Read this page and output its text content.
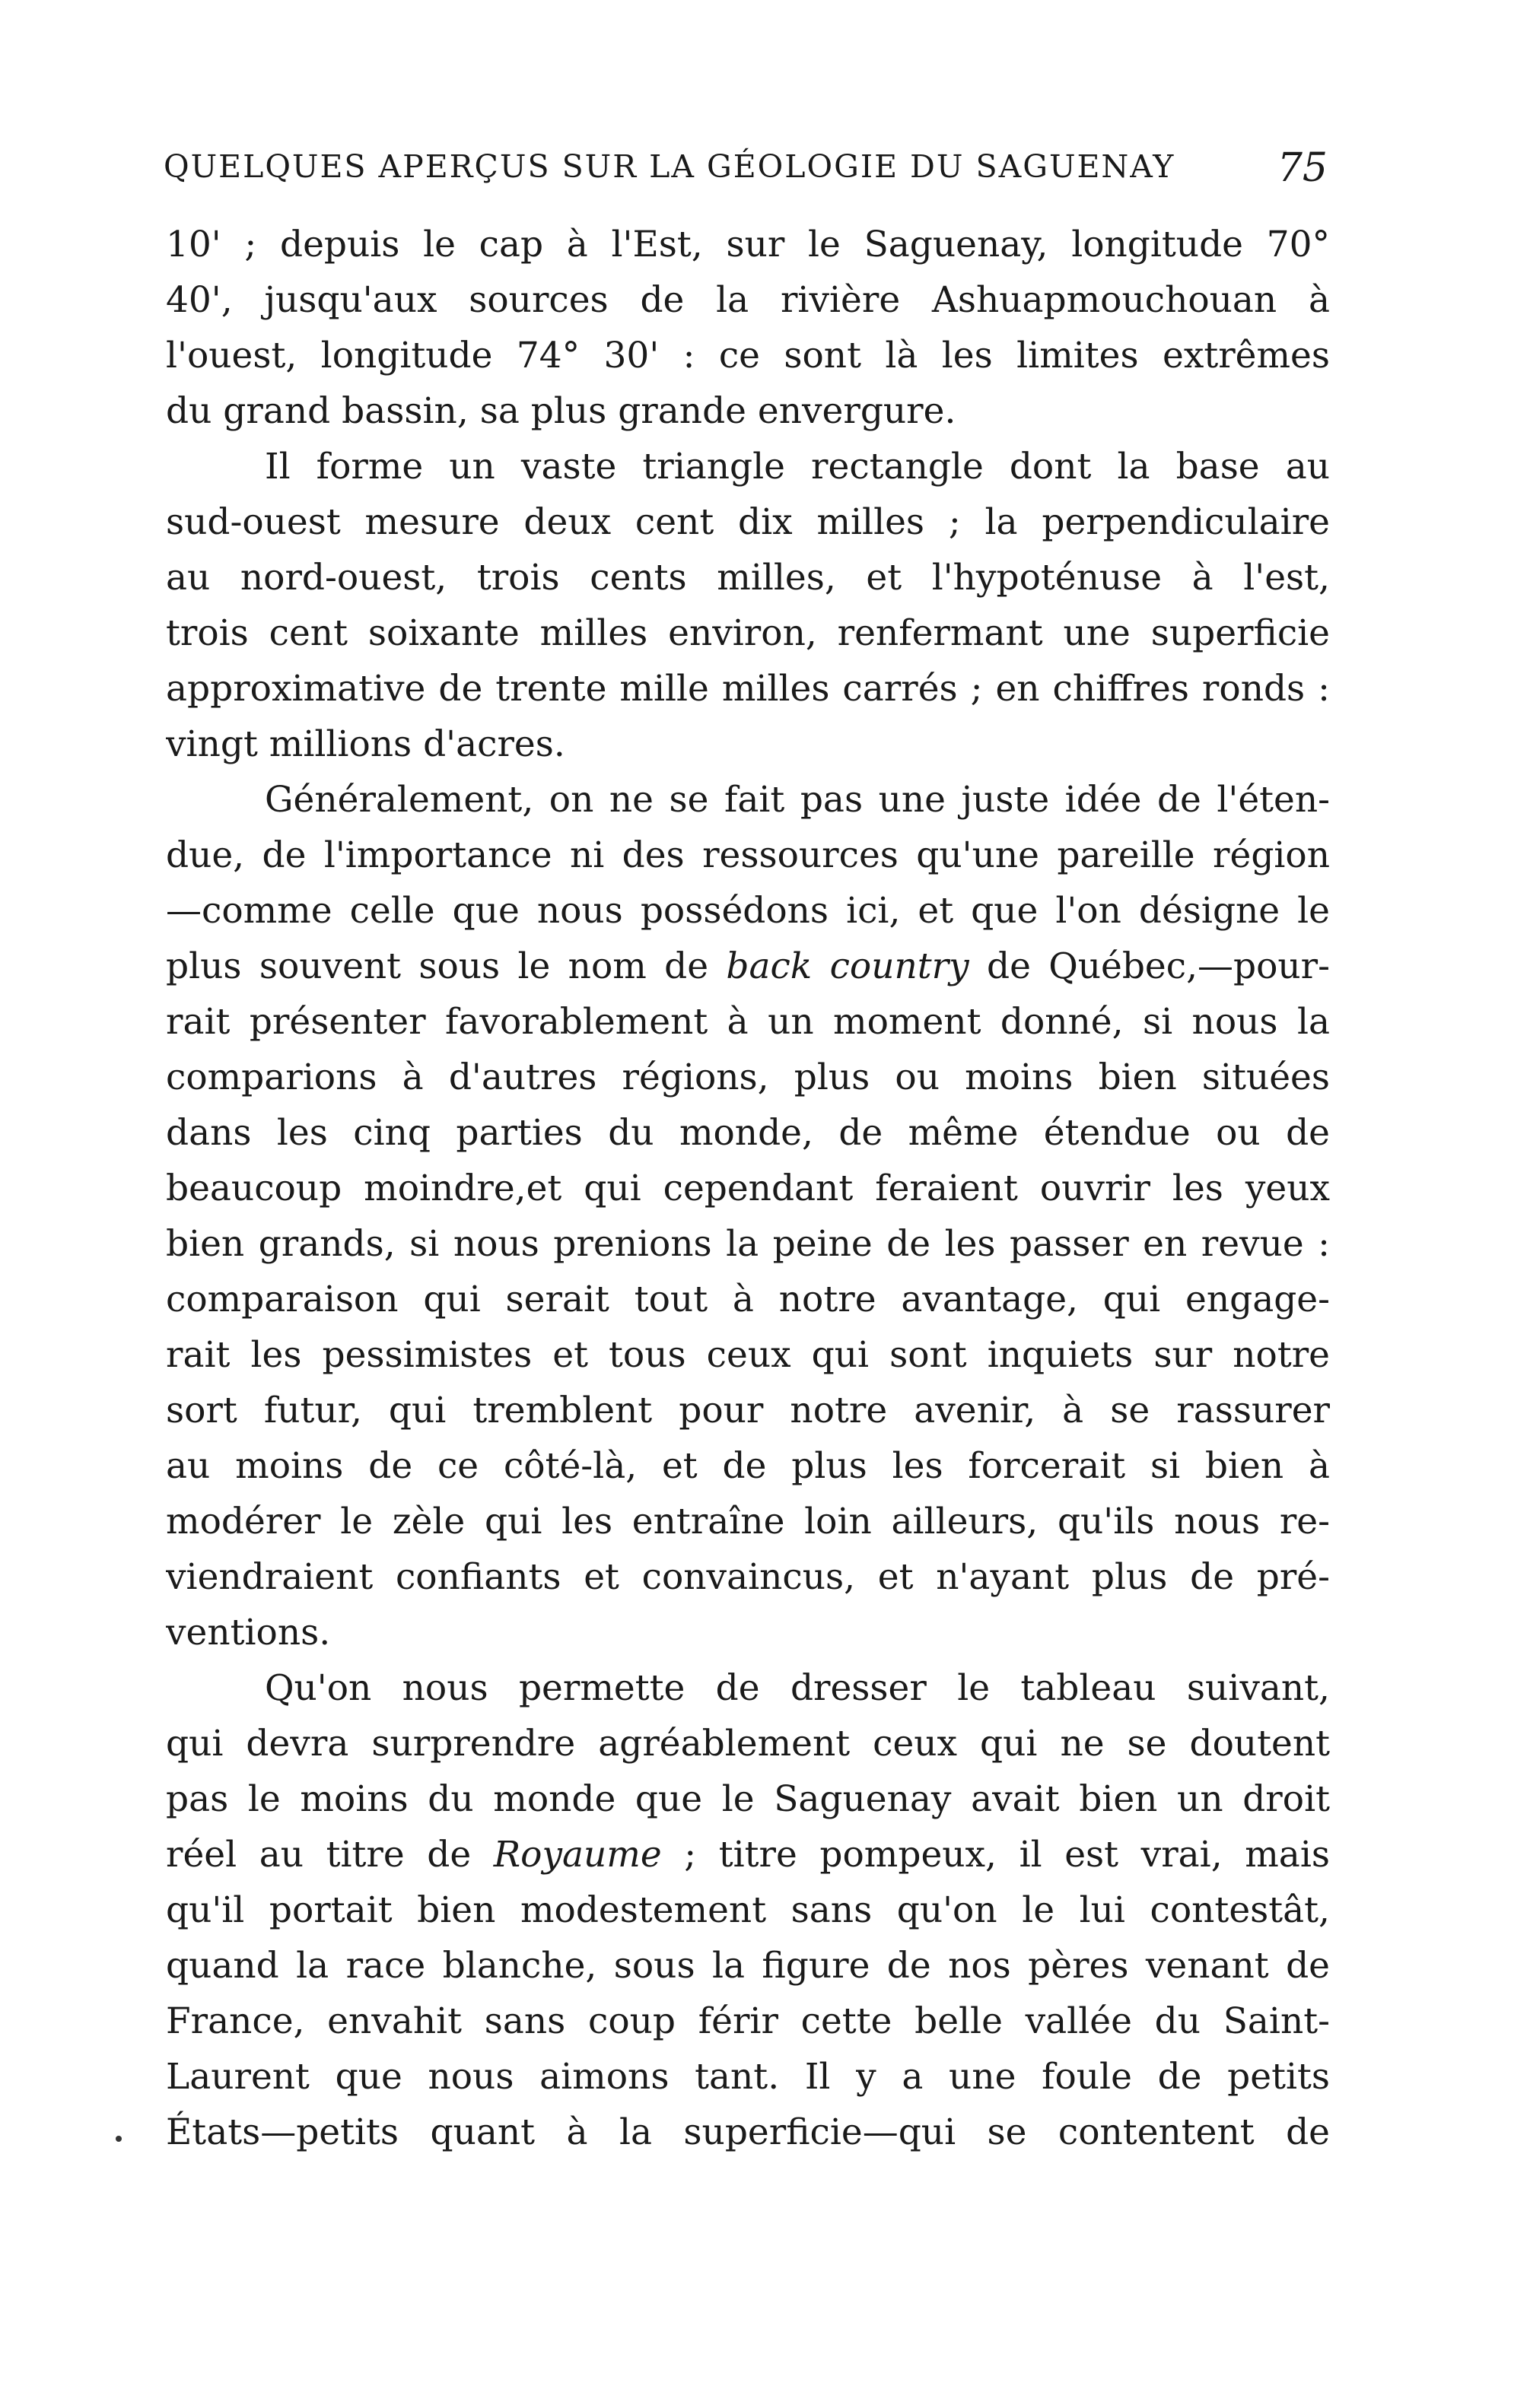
QUELQUES APERÇUS SUR LA GÉOLOGIE DU SAGUENAY	75
10' ; depuis le cap à l'Est, sur le Saguenay, longitude 70°
40', jusqu'aux sources de la rivière Ashuapmouchouan à
l'ouest, longitude 74° 30' : ce sont là les limites extrêmes
du grand bassin, sa plus grande envergure.
Il forme un vaste triangle rectangle dont la base au
sud-ouest mesure deux cent dix milles ; la perpendiculaire
au nord-ouest, trois cents milles, et l'hypoténuse à l'est,
trois cent soixante milles environ, renfermant une superficie
approximative de trente mille milles carrés ; en chiffres ronds :
vingt millions d'acres.
Généralement, on ne se fait pas une juste idée de l'éten-
due, de l'importance ni des ressources qu'une pareille région
—comme celle que nous possédons ici, et que l'on désigne le
plus souvent sous le nom de back country de Québec,—pour-
rait présenter favorablement à un moment donné, si nous la
comparions à d'autres régions, plus ou moins bien situées
dans les cinq parties du monde, de même étendue ou de
beaucoup moindre,et qui cependant feraient ouvrir les yeux
bien grands, si nous prenions la peine de les passer en revue :
comparaison qui serait tout à notre avantage, qui engage-
rait les pessimistes et tous ceux qui sont inquiets sur notre
sort futur, qui tremblent pour notre avenir, à se rassurer
au moins de ce côté-là, et de plus les forcerait si bien à
modérer le zèle qui les entraîne loin ailleurs, qu'ils nous re-
viendraient confiants et convaincus, et n'ayant plus de pré-
ventions.
Qu'on nous permette de dresser le tableau suivant,
qui devra surprendre agréablement ceux qui ne se doutent
pas le moins du monde que le Saguenay avait bien un droit
réel au titre de Royaume ; titre pompeux, il est vrai, mais
qu'il portait bien modestement sans qu'on le lui contestât,
quand la race blanche, sous la figure de nos pères venant de
France, envahit sans coup férir cette belle vallée du Saint-
Laurent que nous aimons tant. Il y a une foule de petits
États—petits quant à la superficie—qui se contentent de
